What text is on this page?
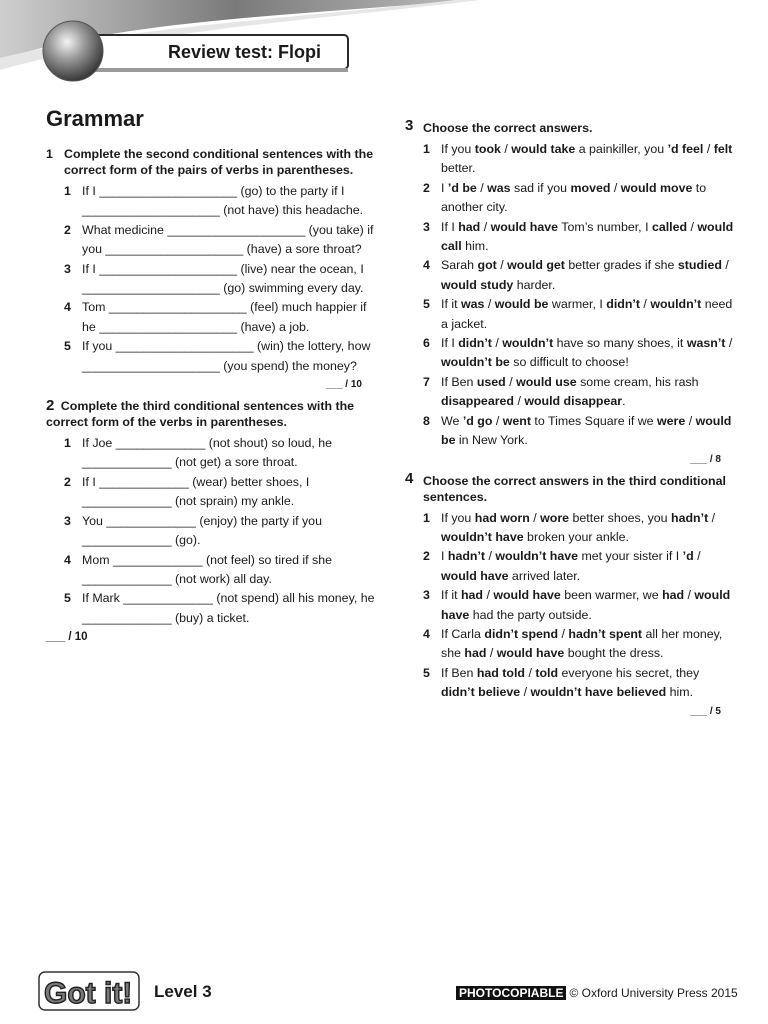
Review test: Flopi
Grammar
1 Complete the second conditional sentences with the correct form of the pairs of verbs in parentheses.
1 If I ____________________ (go) to the party if I ____________________ (not have) this headache.
2 What medicine ____________________ (you take) if you ____________________ (have) a sore throat?
3 If I ____________________ (live) near the ocean, I ____________________ (go) swimming every day.
4 Tom ____________________ (feel) much happier if he ____________________ (have) a job.
5 If you ____________________ (win) the lottery, how ____________________ (you spend) the money?
___ / 10
2 Complete the third conditional sentences with the correct form of the verbs in parentheses.
1 If Joe _____________ (not shout) so loud, he _____________ (not get) a sore throat.
2 If I _____________ (wear) better shoes, I _____________ (not sprain) my ankle.
3 You _____________ (enjoy) the party if you _____________ (go).
4 Mom _____________ (not feel) so tired if she _____________ (not work) all day.
5 If Mark _____________ (not spend) all his money, he _____________ (buy) a ticket.
___ / 10
3 Choose the correct answers.
1 If you took / would take a painkiller, you ’d feel / felt better.
2 I ’d be / was sad if you moved / would move to another city.
3 If I had / would have Tom’s number, I called / would call him.
4 Sarah got / would get better grades if she studied / would study harder.
5 If it was / would be warmer, I didn’t / wouldn’t need a jacket.
6 If I didn’t / wouldn’t have so many shoes, it wasn’t / wouldn’t be so difficult to choose!
7 If Ben used / would use some cream, his rash disappeared / would disappear.
8 We ’d go / went to Times Square if we were / would be in New York.
___ / 8
4 Choose the correct answers in the third conditional sentences.
1 If you had worn / wore better shoes, you hadn’t / wouldn’t have broken your ankle.
2 I hadn’t / wouldn’t have met your sister if I ’d / would have arrived later.
3 If it had / would have been warmer, we had / would have had the party outside.
4 If Carla didn’t spend / hadn’t spent all her money, she had / would have bought the dress.
5 If Ben had told / told everyone his secret, they didn’t believe / wouldn’t have believed him.
___ / 5
Got it! Level 3	PHOTOCOPIABLE © Oxford University Press 2015
